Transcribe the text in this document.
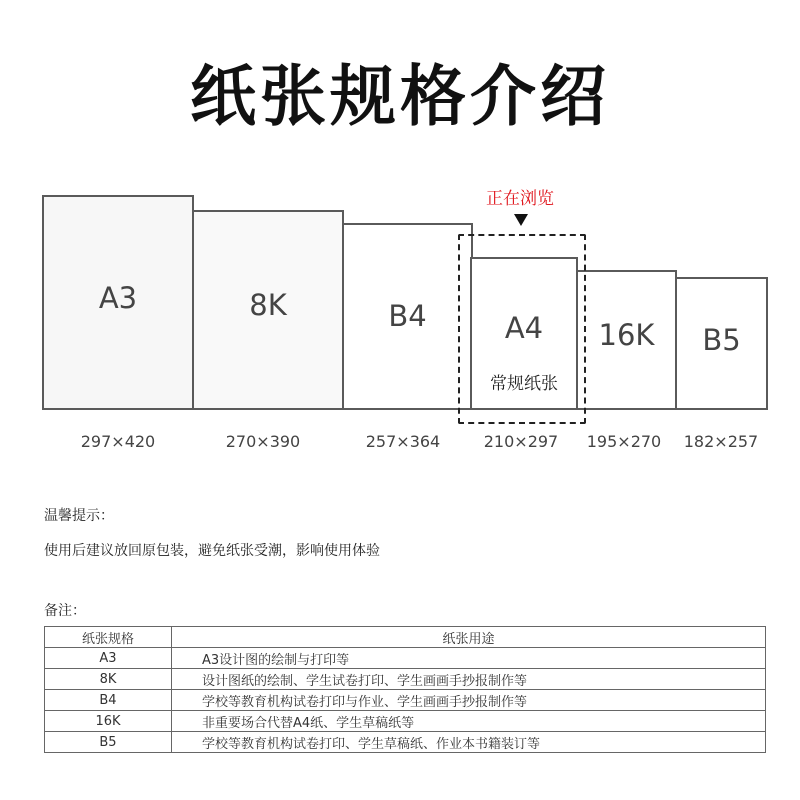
纸张规格介绍
A3	8K	B4	A4
常规纸张
16K	B5
正在浏览
297×420	270×390	257×364	210×297	195×270	182×257
温馨提示：
使用后建议放回原包装，避免纸张受潮，影响使用体验
备注：
纸张规格	纸张用途
A3	A3设计图的绘制与打印等
8K	设计图纸的绘制、学生试卷打印、学生画画手抄报制作等
B4	学校等教育机构试卷打印与作业、学生画画手抄报制作等
16K	非重要场合代替A4纸、学生草稿纸等
B5	学校等教育机构试卷打印、学生草稿纸、作业本书籍装订等
